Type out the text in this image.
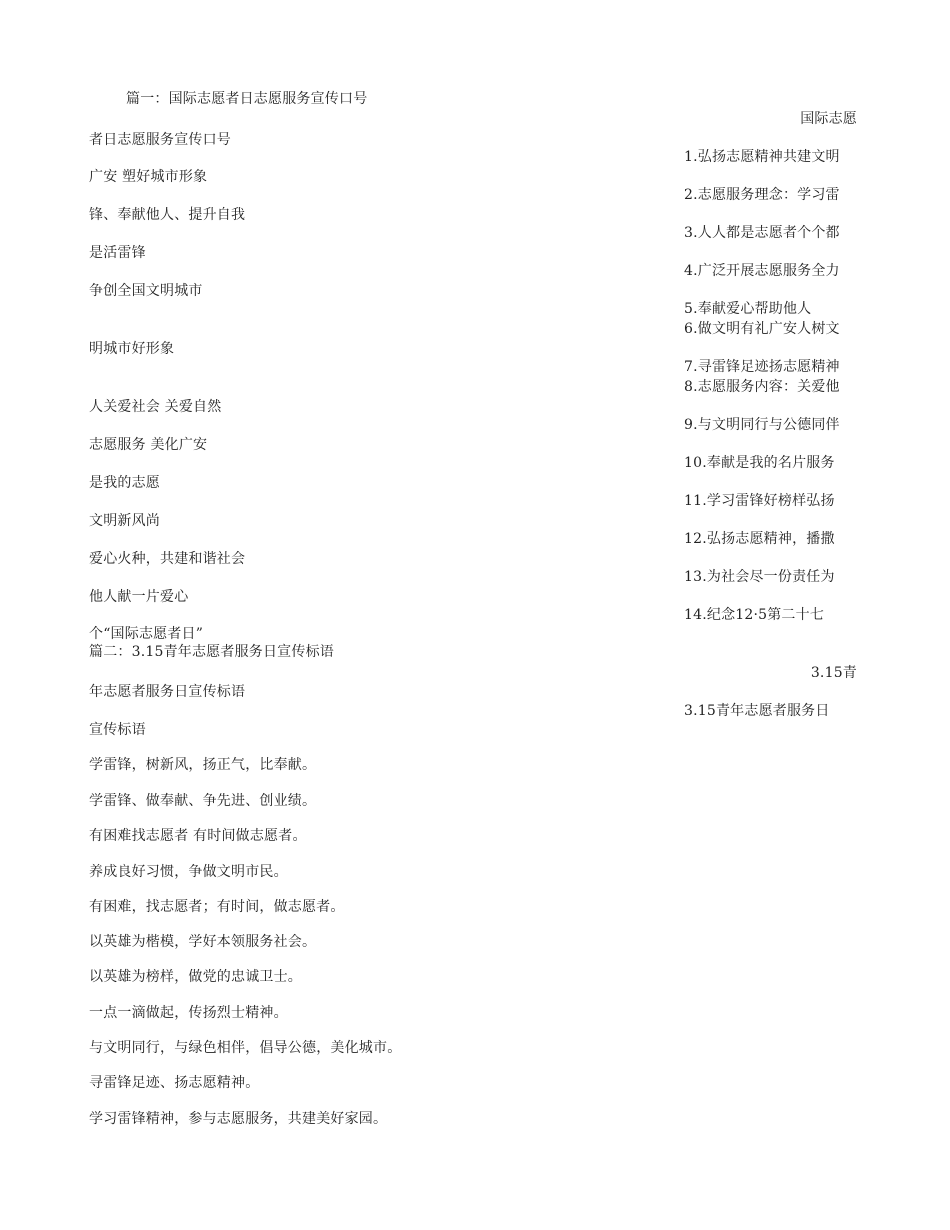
篇一：国际志愿者日志愿服务宣传口号
者日志愿服务宣传口号
广安 塑好城市形象
锋、奉献他人、提升自我
是活雷锋
争创全国文明城市
明城市好形象
人关爱社会 关爱自然
志愿服务 美化广安
是我的志愿
文明新风尚
爱心火种，共建和谐社会
他人献一片爱心
个“国际志愿者日”
篇二：3.15青年志愿者服务日宣传标语
年志愿者服务日宣传标语
宣传标语
学雷锋，树新风，扬正气，比奉献。
学雷锋、做奉献、争先进、创业绩。
有困难找志愿者 有时间做志愿者。
养成良好习惯，争做文明市民。
有困难，找志愿者；有时间，做志愿者。
以英雄为楷模，学好本领服务社会。
以英雄为榜样，做党的忠诚卫士。
一点一滴做起，传扬烈士精神。
与文明同行，与绿色相伴，倡导公德，美化城市。
寻雷锋足迹、扬志愿精神。
学习雷锋精神，参与志愿服务，共建美好家园。
国际志愿
1.弘扬志愿精神共建文明
2.志愿服务理念：学习雷
3.人人都是志愿者个个都
4.广泛开展志愿服务全力
5.奉献爱心帮助他人
6.做文明有礼广安人树文
7.寻雷锋足迹扬志愿精神
8.志愿服务内容：关爱他
9.与文明同行与公德同伴
10.奉献是我的名片服务
11.学习雷锋好榜样弘扬
12.弘扬志愿精神，播撒
13.为社会尽一份责任为
14.纪念12·5第二十七
3.15青
3.15青年志愿者服务日
